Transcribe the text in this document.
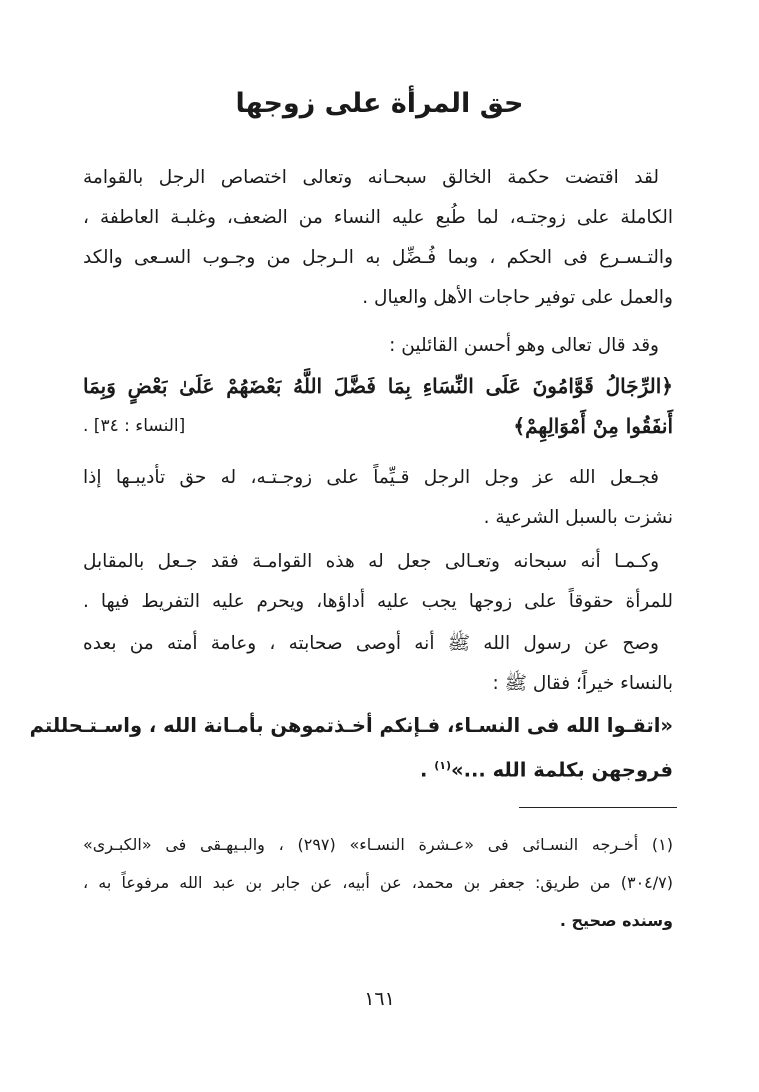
حق المرأة على زوجها
لقد اقتضت حكمة الخالق سبحـانه وتعالى اختصاص الرجل بالقوامة
الكاملة على زوجتـه، لما طُبع عليه النساء من الضعف، وغلبـة العاطفة ،
والتـسـرع فى الحكم ، وبما فُـضِّل به الـرجل من وجـوب السـعى والكد
والعمل على توفير حاجات الأهل والعيال .
وقد قال تعالى وهو أحسن القائلين :
﴿الرِّجَالُ قَوَّامُونَ عَلَى النِّسَاءِ بِمَا فَضَّلَ اللَّهُ بَعْضَهُمْ عَلَىٰ بَعْضٍ وَبِمَا
أَنفَقُوا مِنْ أَمْوَالِهِمْ﴾
[النساء : ٣٤] .
فجـعل الله عز وجل الرجل قـيِّماً على زوجـتـه، له حق تأديبـها إذا
نشزت بالسبل الشرعية .
وكـمـا أنه سبحانه وتعـالى جعل له هذه القوامـة فقد جـعل بالمقابل
للمرأة حقوقاً على زوجها يجب عليه أداؤها، ويحرم عليه التفريط فيها .
وصح عن رسول الله ﷺ أنه أوصى صحابته ، وعامة أمته من بعده
بالنساء خيراً؛ فقال ﷺ :
«اتقـوا الله فى النسـاء، فـإنكم أخـذتموهن بأمـانة الله ، واسـتـحللتم
فروجهن بكلمة الله ...»$^{(١)}$ .
(١) أخـرجه النسـائى فى «عـشرة النسـاء» (٢٩٧) ، والبـيهـقى فى «الكبـرى»
(٣٠٤/٧) من طريق: جعفر بن محمد، عن أبيه، عن جابر بن عبد الله مرفوعاً به ،
وسنده صحيح .
١٦١
